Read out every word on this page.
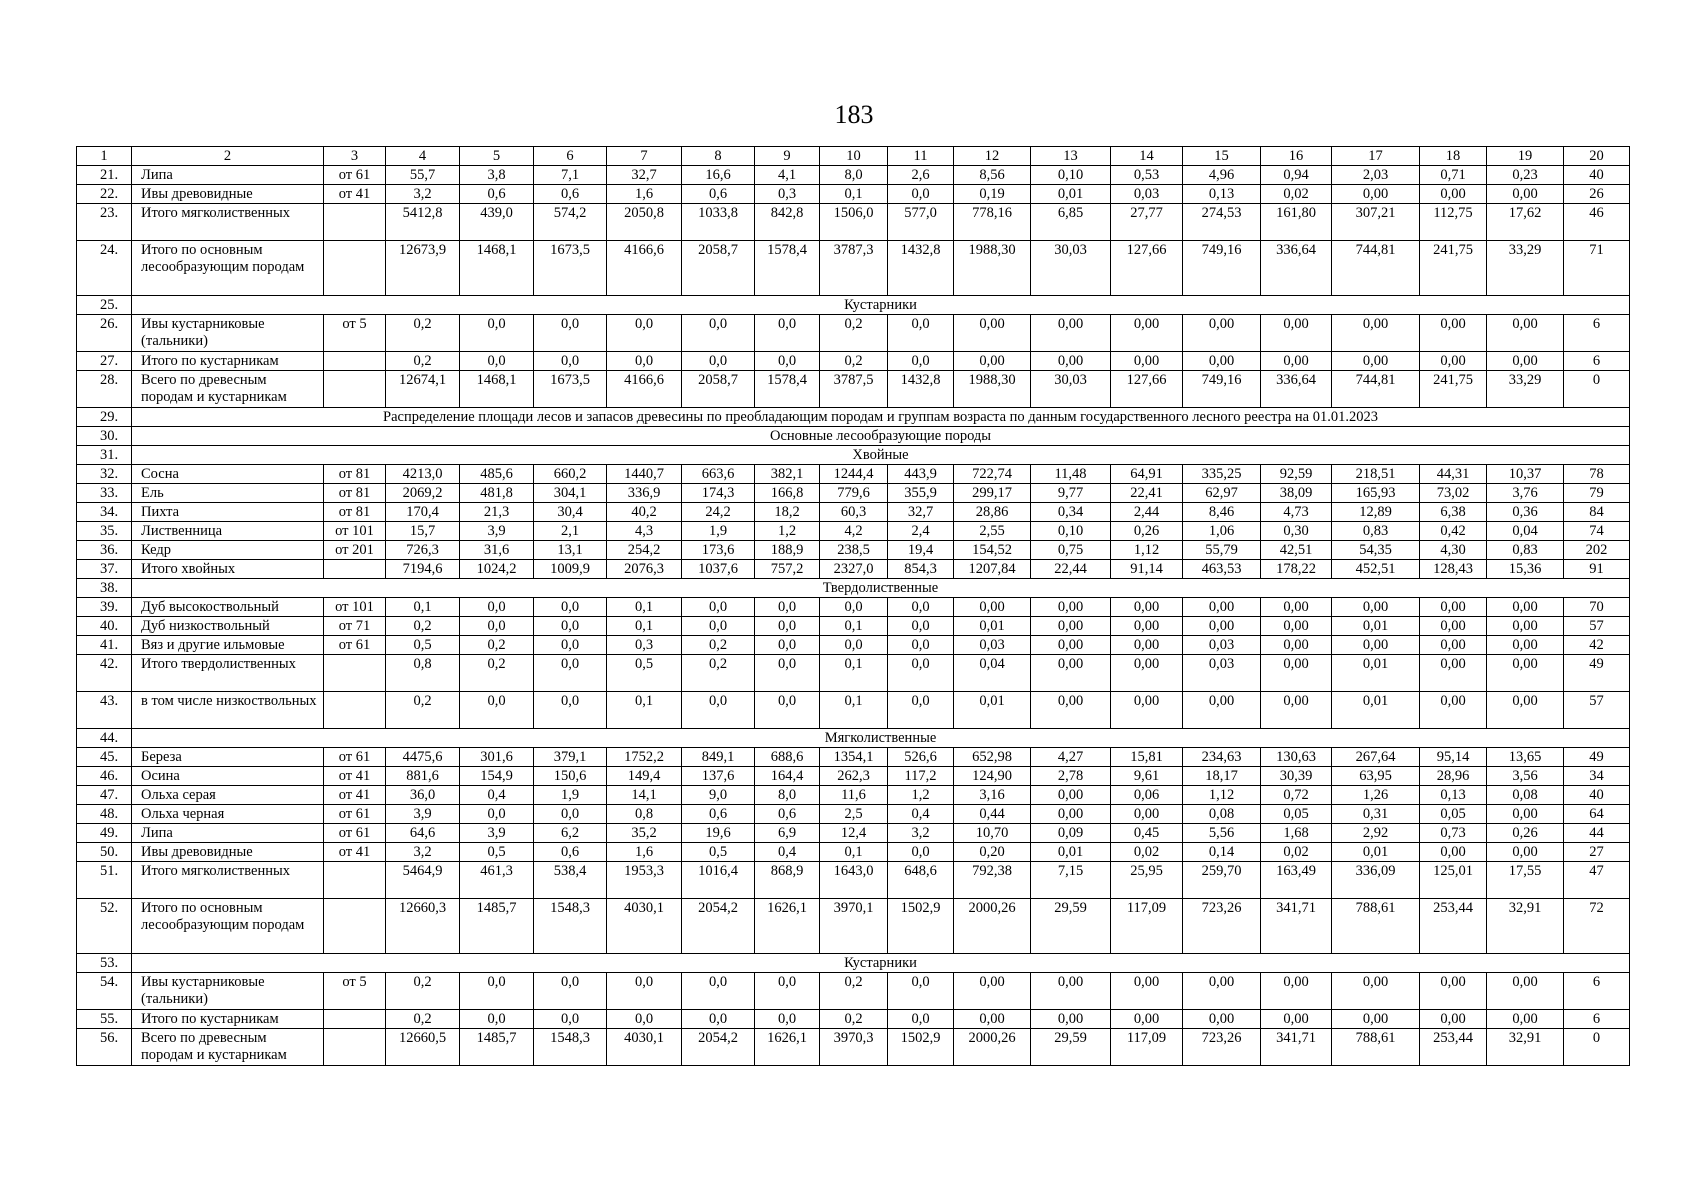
183
1	2	3	4	5	6	7	8	9	10	11	12	13	14	15	16	17	18	19	20
21.	Липа	от 61	55,7	3,8	7,1	32,7	16,6	4,1	8,0	2,6	8,56	0,10	0,53	4,96	0,94	2,03	0,71	0,23	40
22.	Ивы древовидные	от 41	3,2	0,6	0,6	1,6	0,6	0,3	0,1	0,0	0,19	0,01	0,03	0,13	0,02	0,00	0,00	0,00	26
23.	Итого мягколиственных		5412,8	439,0	574,2	2050,8	1033,8	842,8	1506,0	577,0	778,16	6,85	27,77	274,53	161,80	307,21	112,75	17,62	46
24.	Итого по основным лесообразующим породам		12673,9	1468,1	1673,5	4166,6	2058,7	1578,4	3787,3	1432,8	1988,30	30,03	127,66	749,16	336,64	744,81	241,75	33,29	71
25.	Кустарники																		
26.	Ивы кустарниковые (тальники)	от 5	0,2	0,0	0,0	0,0	0,0	0,0	0,2	0,0	0,00	0,00	0,00	0,00	0,00	0,00	0,00	0,00	6
27.	Итого по кустарникам		0,2	0,0	0,0	0,0	0,0	0,0	0,2	0,0	0,00	0,00	0,00	0,00	0,00	0,00	0,00	0,00	6
28.	Всего по древесным породам и кустарникам		12674,1	1468,1	1673,5	4166,6	2058,7	1578,4	3787,5	1432,8	1988,30	30,03	127,66	749,16	336,64	744,81	241,75	33,29	0
29.	Распределение площади лесов и запасов древесины по преобладающим породам и группам возраста по данным государственного лесного реестра на 01.01.2023																		
30.	Основные лесообразующие породы																		
31.	Хвойные																		
32.	Сосна	от 81	4213,0	485,6	660,2	1440,7	663,6	382,1	1244,4	443,9	722,74	11,48	64,91	335,25	92,59	218,51	44,31	10,37	78
33.	Ель	от 81	2069,2	481,8	304,1	336,9	174,3	166,8	779,6	355,9	299,17	9,77	22,41	62,97	38,09	165,93	73,02	3,76	79
34.	Пихта	от 81	170,4	21,3	30,4	40,2	24,2	18,2	60,3	32,7	28,86	0,34	2,44	8,46	4,73	12,89	6,38	0,36	84
35.	Лиственница	от 101	15,7	3,9	2,1	4,3	1,9	1,2	4,2	2,4	2,55	0,10	0,26	1,06	0,30	0,83	0,42	0,04	74
36.	Кедр	от 201	726,3	31,6	13,1	254,2	173,6	188,9	238,5	19,4	154,52	0,75	1,12	55,79	42,51	54,35	4,30	0,83	202
37.	Итого хвойных		7194,6	1024,2	1009,9	2076,3	1037,6	757,2	2327,0	854,3	1207,84	22,44	91,14	463,53	178,22	452,51	128,43	15,36	91
38.	Твердолиственные																		
39.	Дуб высокоствольный	от 101	0,1	0,0	0,0	0,1	0,0	0,0	0,0	0,0	0,00	0,00	0,00	0,00	0,00	0,00	0,00	0,00	70
40.	Дуб низкоствольный	от 71	0,2	0,0	0,0	0,1	0,0	0,0	0,1	0,0	0,01	0,00	0,00	0,00	0,00	0,01	0,00	0,00	57
41.	Вяз и другие ильмовые	от 61	0,5	0,2	0,0	0,3	0,2	0,0	0,0	0,0	0,03	0,00	0,00	0,03	0,00	0,00	0,00	0,00	42
42.	Итого твердолиственных		0,8	0,2	0,0	0,5	0,2	0,0	0,1	0,0	0,04	0,00	0,00	0,03	0,00	0,01	0,00	0,00	49
43.	в том числе низкоствольных		0,2	0,0	0,0	0,1	0,0	0,0	0,1	0,0	0,01	0,00	0,00	0,00	0,00	0,01	0,00	0,00	57
44.	Мягколиственные																		
45.	Береза	от 61	4475,6	301,6	379,1	1752,2	849,1	688,6	1354,1	526,6	652,98	4,27	15,81	234,63	130,63	267,64	95,14	13,65	49
46.	Осина	от 41	881,6	154,9	150,6	149,4	137,6	164,4	262,3	117,2	124,90	2,78	9,61	18,17	30,39	63,95	28,96	3,56	34
47.	Ольха серая	от 41	36,0	0,4	1,9	14,1	9,0	8,0	11,6	1,2	3,16	0,00	0,06	1,12	0,72	1,26	0,13	0,08	40
48.	Ольха черная	от 61	3,9	0,0	0,0	0,8	0,6	0,6	2,5	0,4	0,44	0,00	0,00	0,08	0,05	0,31	0,05	0,00	64
49.	Липа	от 61	64,6	3,9	6,2	35,2	19,6	6,9	12,4	3,2	10,70	0,09	0,45	5,56	1,68	2,92	0,73	0,26	44
50.	Ивы древовидные	от 41	3,2	0,5	0,6	1,6	0,5	0,4	0,1	0,0	0,20	0,01	0,02	0,14	0,02	0,01	0,00	0,00	27
51.	Итого мягколиственных		5464,9	461,3	538,4	1953,3	1016,4	868,9	1643,0	648,6	792,38	7,15	25,95	259,70	163,49	336,09	125,01	17,55	47
52.	Итого по основным лесообразующим породам		12660,3	1485,7	1548,3	4030,1	2054,2	1626,1	3970,1	1502,9	2000,26	29,59	117,09	723,26	341,71	788,61	253,44	32,91	72
53.	Кустарники																		
54.	Ивы кустарниковые (тальники)	от 5	0,2	0,0	0,0	0,0	0,0	0,0	0,2	0,0	0,00	0,00	0,00	0,00	0,00	0,00	0,00	0,00	6
55.	Итого по кустарникам		0,2	0,0	0,0	0,0	0,0	0,0	0,2	0,0	0,00	0,00	0,00	0,00	0,00	0,00	0,00	0,00	6
56.	Всего по древесным породам и кустарникам		12660,5	1485,7	1548,3	4030,1	2054,2	1626,1	3970,3	1502,9	2000,26	29,59	117,09	723,26	341,71	788,61	253,44	32,91	0
